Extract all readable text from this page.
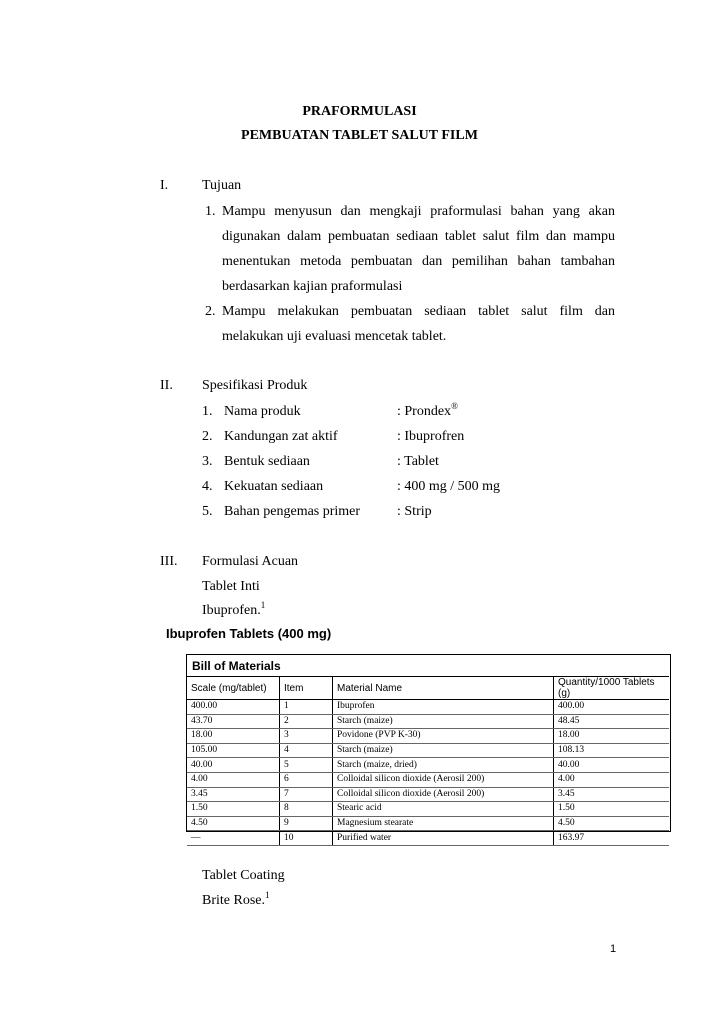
PRAFORMULASI
PEMBUATAN TABLET SALUT FILM
I. Tujuan
1. Mampu menyusun dan mengkaji praformulasi bahan yang akan
digunakan dalam pembuatan sediaan tablet salut film dan mampu
menentukan metoda pembuatan dan pemilihan bahan tambahan
berdasarkan kajian praformulasi
2. Mampu melakukan pembuatan sediaan tablet salut film dan
melakukan uji evaluasi mencetak tablet.
II. Spesifikasi Produk
1. Nama produk	: Prondex®
2. Kandungan zat aktif	: Ibuprofren
3. Bentuk sediaan	: Tablet
4. Kekuatan sediaan	: 400 mg / 500 mg
5. Bahan pengemas primer	: Strip
III. Formulasi Acuan
Tablet Inti
Ibuprofen.$^1$
Ibuprofen Tablets (400 mg)
Bill of Materials
Scale (mg/tablet)	Item	Material Name	Quantity/1000 Tablets (g)
400.00	1	Ibuprofen	400.00
43.70	2	Starch (maize)	48.45
18.00	3	Povidone (PVP K-30)	18.00
105.00	4	Starch (maize)	108.13
40.00	5	Starch (maize, dried)	40.00
4.00	6	Colloidal silicon dioxide (Aerosil 200)	4.00
3.45	7	Colloidal silicon dioxide (Aerosil 200)	3.45
1.50	8	Stearic acid	1.50
4.50	9	Magnesium stearate	4.50
—	10	Purified water	163.97
Tablet Coating
Brite Rose.$^1$
1
